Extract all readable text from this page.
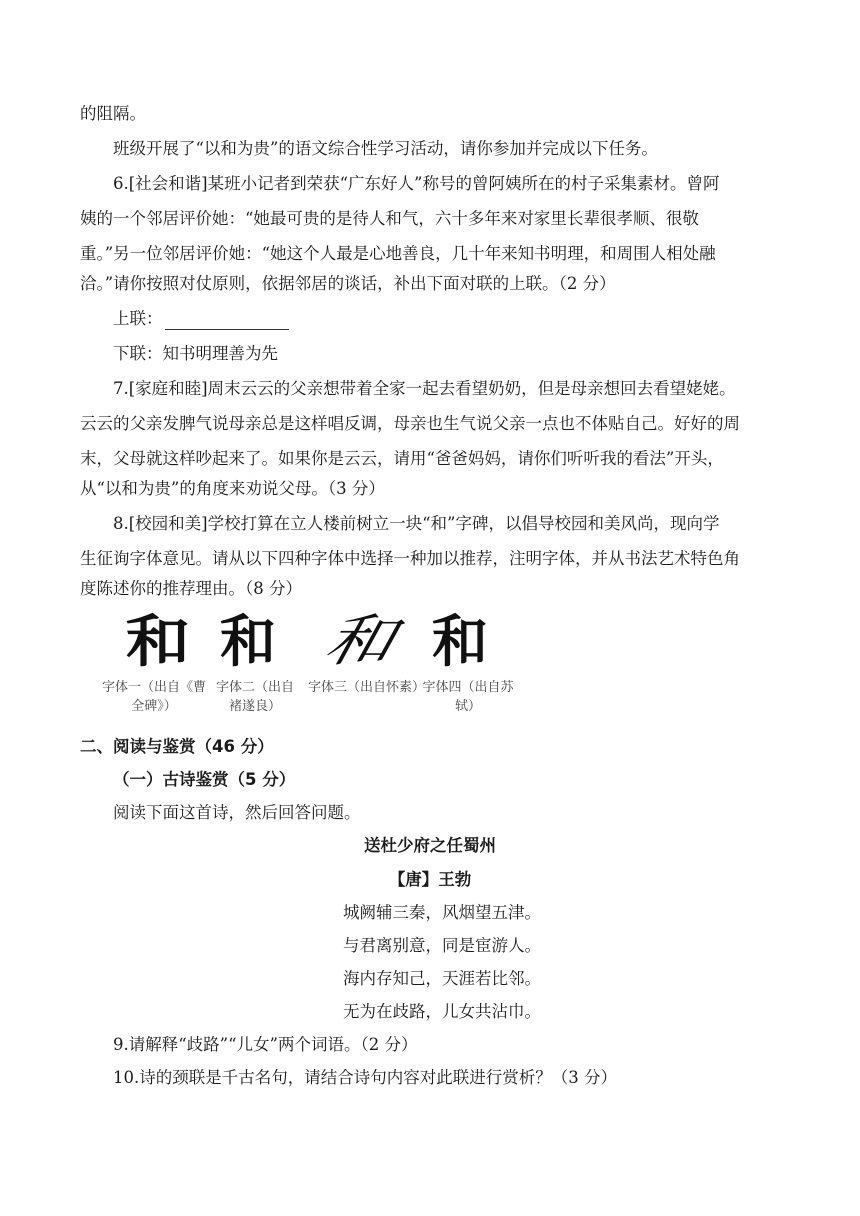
的阻隔。
班级开展了“以和为贵”的语文综合性学习活动，请你参加并完成以下任务。
6.[社会和谐]某班小记者到荣获“广东好人”称号的曾阿姨所在的村子采集素材。曾阿
姨的一个邻居评价她：“她最可贵的是待人和气，六十多年来对家里长辈很孝顺、很敬
重。”另一位邻居评价她：“她这个人最是心地善良，几十年来知书明理，和周围人相处融
洽。”请你按照对仗原则，依据邻居的谈话，补出下面对联的上联。（2 分）
上联：
下联：知书明理善为先
7.[家庭和睦]周末云云的父亲想带着全家一起去看望奶奶，但是母亲想回去看望姥姥。
云云的父亲发脾气说母亲总是这样唱反调，母亲也生气说父亲一点也不体贴自己。好好的周
末，父母就这样吵起来了。如果你是云云，请用“爸爸妈妈，请你们听听我的看法”开头，
从“以和为贵”的角度来劝说父母。（3 分）
8.[校园和美]学校打算在立人楼前树立一块“和”字碑，以倡导校园和美风尚，现向学
生征询字体意见。请从以下四种字体中选择一种加以推荐，注明字体，并从书法艺术特色角
度陈述你的推荐理由。（8 分）
和 和 和 和
字体一（出自《曹全碑》）
字体二（出自褚遂良）
字体三（出自怀素）
字体四（出自苏轼）
二、阅读与鉴赏（46 分）
（一）古诗鉴赏（5 分）
阅读下面这首诗，然后回答问题。
送杜少府之任蜀州
【唐】王勃
城阙辅三秦，风烟望五津。
与君离别意，同是宦游人。
海内存知己，天涯若比邻。
无为在歧路，儿女共沾巾。
9.请解释“歧路”“儿女”两个词语。（2 分）
10.诗的颈联是千古名句，请结合诗句内容对此联进行赏析？（3 分）
